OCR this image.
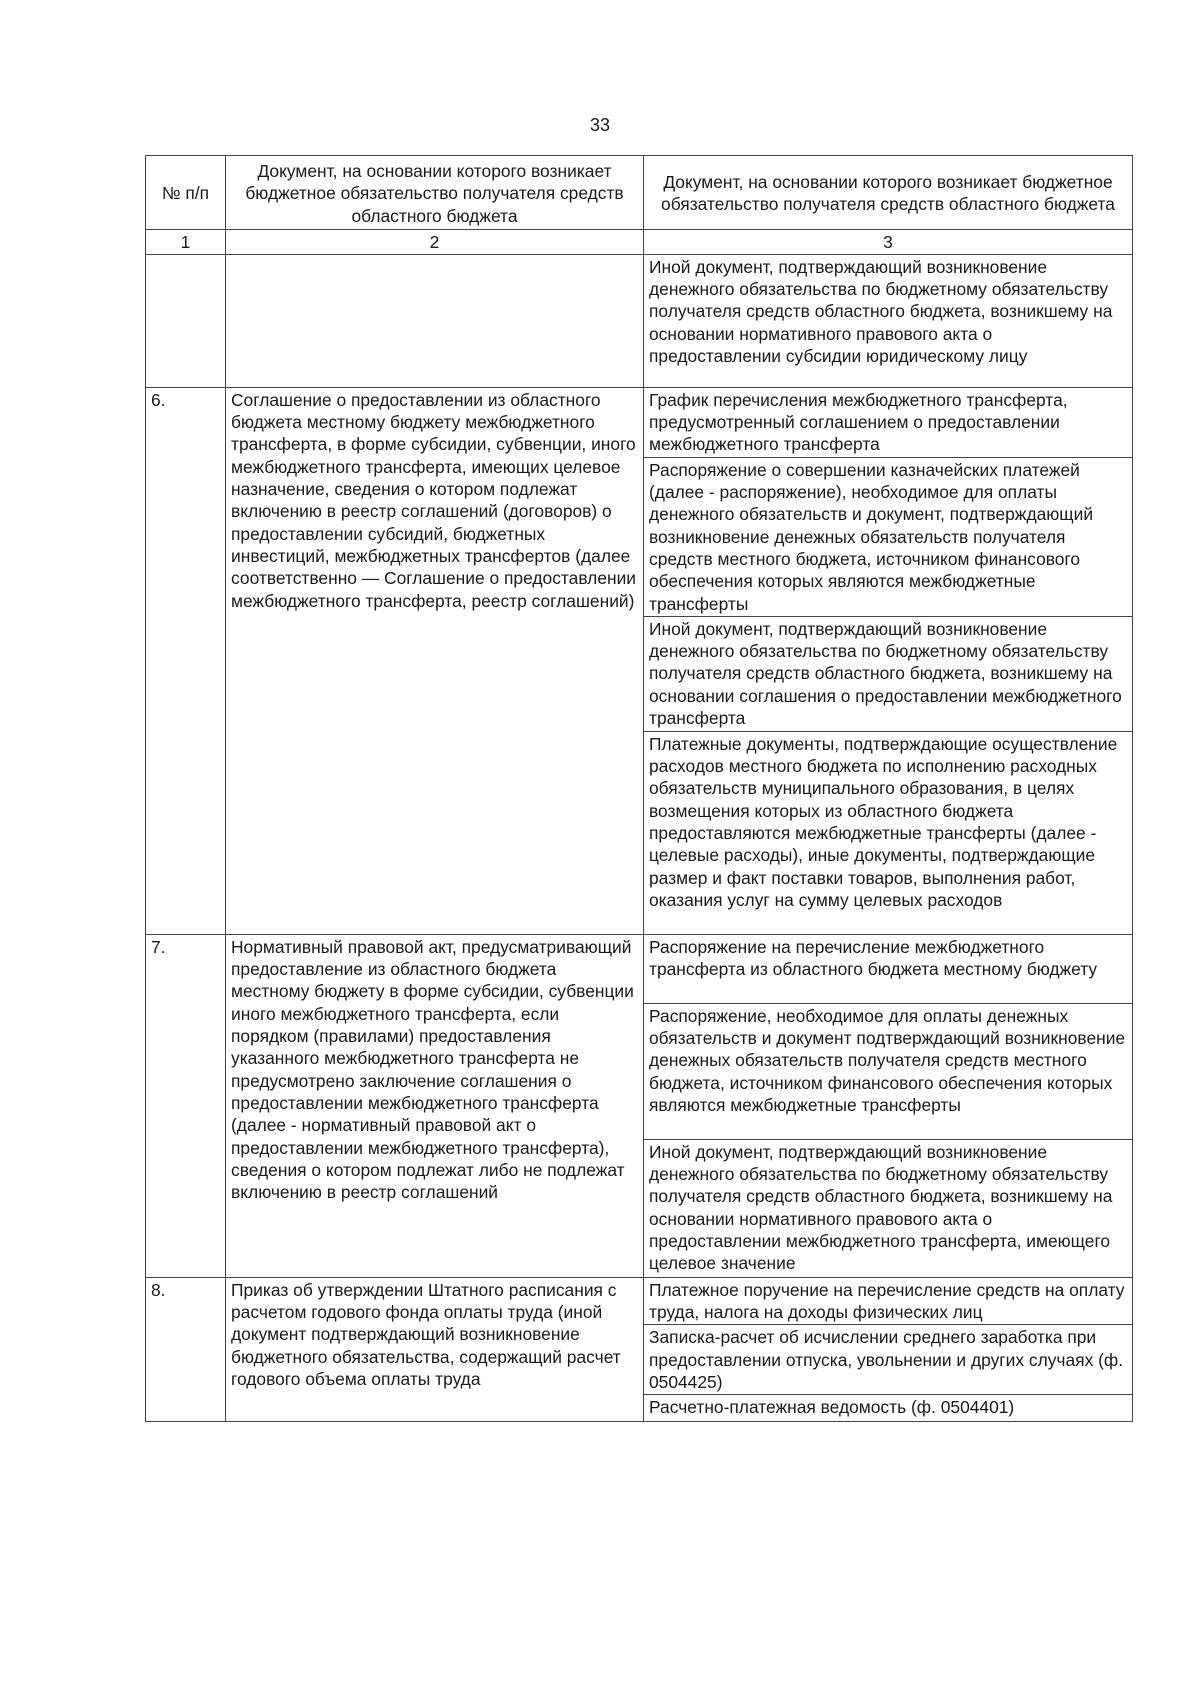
33
№ п/п	Документ, на основании которого возникает бюджетное обязательство получателя средств областного бюджета	Документ, на основании которого возникает бюджетное обязательство получателя средств областного бюджета
1	2	3
		Иной документ, подтверждающий возникновение денежного обязательства по бюджетному обязательству получателя средств областного бюджета, возникшему на основании нормативного правового акта о предоставлении субсидии юридическому лицу
6.	Соглашение о предоставлении из областного бюджета местному бюджету межбюджетного трансферта, в форме субсидии, субвенции, иного межбюджетного трансферта, имеющих целевое назначение, сведения о котором подлежат включению в реестр соглашений (договоров) о предоставлении субсидий, бюджетных инвестиций, межбюджетных трансфертов (далее соответственно — Соглашение о предоставлении межбюджетного трансферта, реестр соглашений)	График перечисления межбюджетного трансферта, предусмотренный соглашением о предоставлении межбюджетного трансферта
		Распоряжение о совершении казначейских платежей (далее - распоряжение), необходимое для оплаты денежного обязательств и документ, подтверждающий возникновение денежных обязательств получателя средств местного бюджета, источником финансового обеспечения которых являются межбюджетные трансферты
		Иной документ, подтверждающий возникновение денежного обязательства по бюджетному обязательству получателя средств областного бюджета, возникшему на основании соглашения о предоставлении межбюджетного трансферта
		Платежные документы, подтверждающие осуществление расходов местного бюджета по исполнению расходных обязательств муниципального образования, в целях возмещения которых из областного бюджета предоставляются межбюджетные трансферты (далее - целевые расходы), иные документы, подтверждающие размер и факт поставки товаров, выполнения работ, оказания услуг на сумму целевых расходов
7.	Нормативный правовой акт, предусматривающий предоставление из областного бюджета местному бюджету в форме субсидии, субвенции иного межбюджетного трансферта, если порядком (правилами) предоставления указанного межбюджетного трансферта не предусмотрено заключение соглашения о предоставлении межбюджетного трансферта (далее - нормативный правовой акт о предоставлении межбюджетного трансферта), сведения о котором подлежат либо не подлежат включению в реестр соглашений	Распоряжение на перечисление межбюджетного трансферта из областного бюджета местному бюджету
		Распоряжение, необходимое для оплаты денежных обязательств и документ подтверждающий возникновение денежных обязательств получателя средств местного бюджета, источником финансового обеспечения которых являются межбюджетные трансферты
		Иной документ, подтверждающий возникновение денежного обязательства по бюджетному обязательству получателя средств областного бюджета, возникшему на основании нормативного правового акта о предоставлении межбюджетного трансферта, имеющего целевое значение
8.	Приказ об утверждении Штатного расписания с расчетом годового фонда оплаты труда (иной документ подтверждающий возникновение бюджетного обязательства, содержащий расчет годового объема оплаты труда	Платежное поручение на перечисление средств на оплату труда, налога на доходы физических лиц
		Записка-расчет об исчислении среднего заработка при предоставлении отпуска, увольнении и других случаях (ф. 0504425)
		Расчетно-платежная ведомость (ф. 0504401)
